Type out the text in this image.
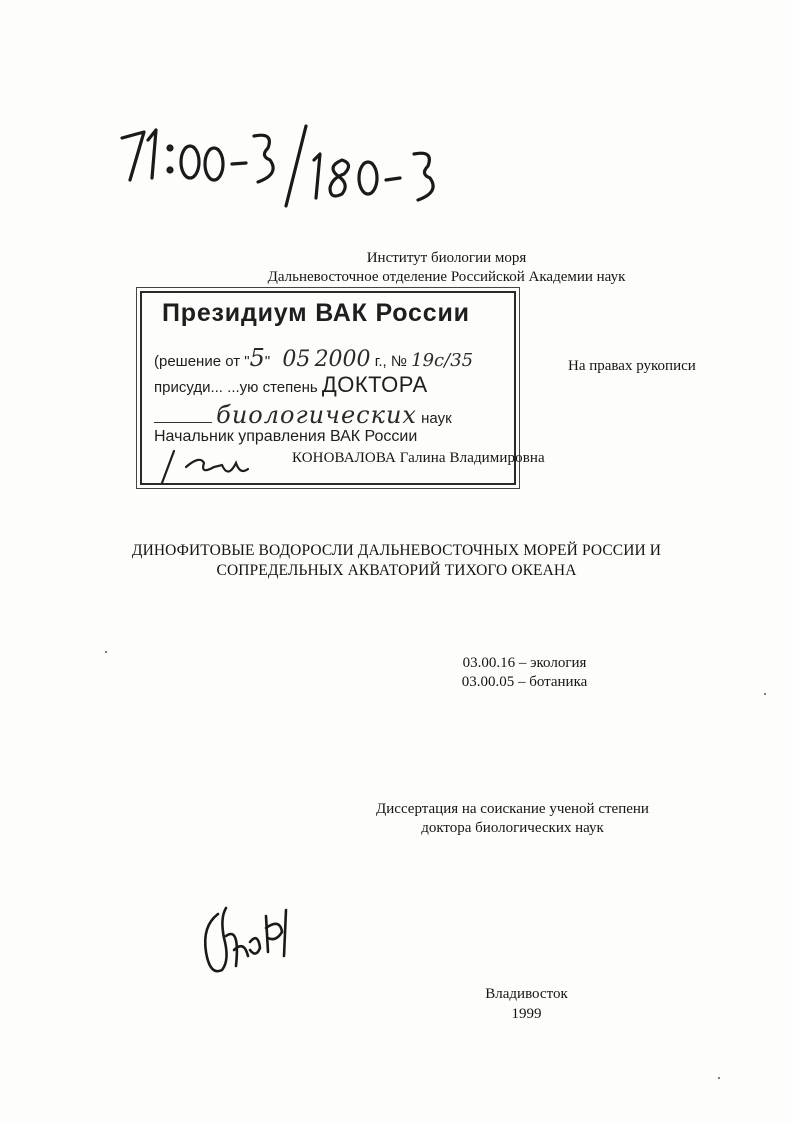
Институт биологии моря
Дальневосточное отделение Российской Академии наук
На правах рукописи
Президиум ВАК России
(решение от "5" 05 2000 г., № 19с/35
присуди... ...ую степень ДОКТОРА
биологических наук
Начальник управления ВАК России
КОНОВАЛОВА Галина Владимировна
ДИНОФИТОВЫЕ ВОДОРОСЛИ ДАЛЬНЕВОСТОЧНЫХ МОРЕЙ РОССИИ И
СОПРЕДЕЛЬНЫХ АКВАТОРИЙ ТИХОГО ОКЕАНА
03.00.16 – экология
03.00.05 – ботаника
Диссертация на соискание ученой степени
доктора биологических наук
Владивосток
1999
